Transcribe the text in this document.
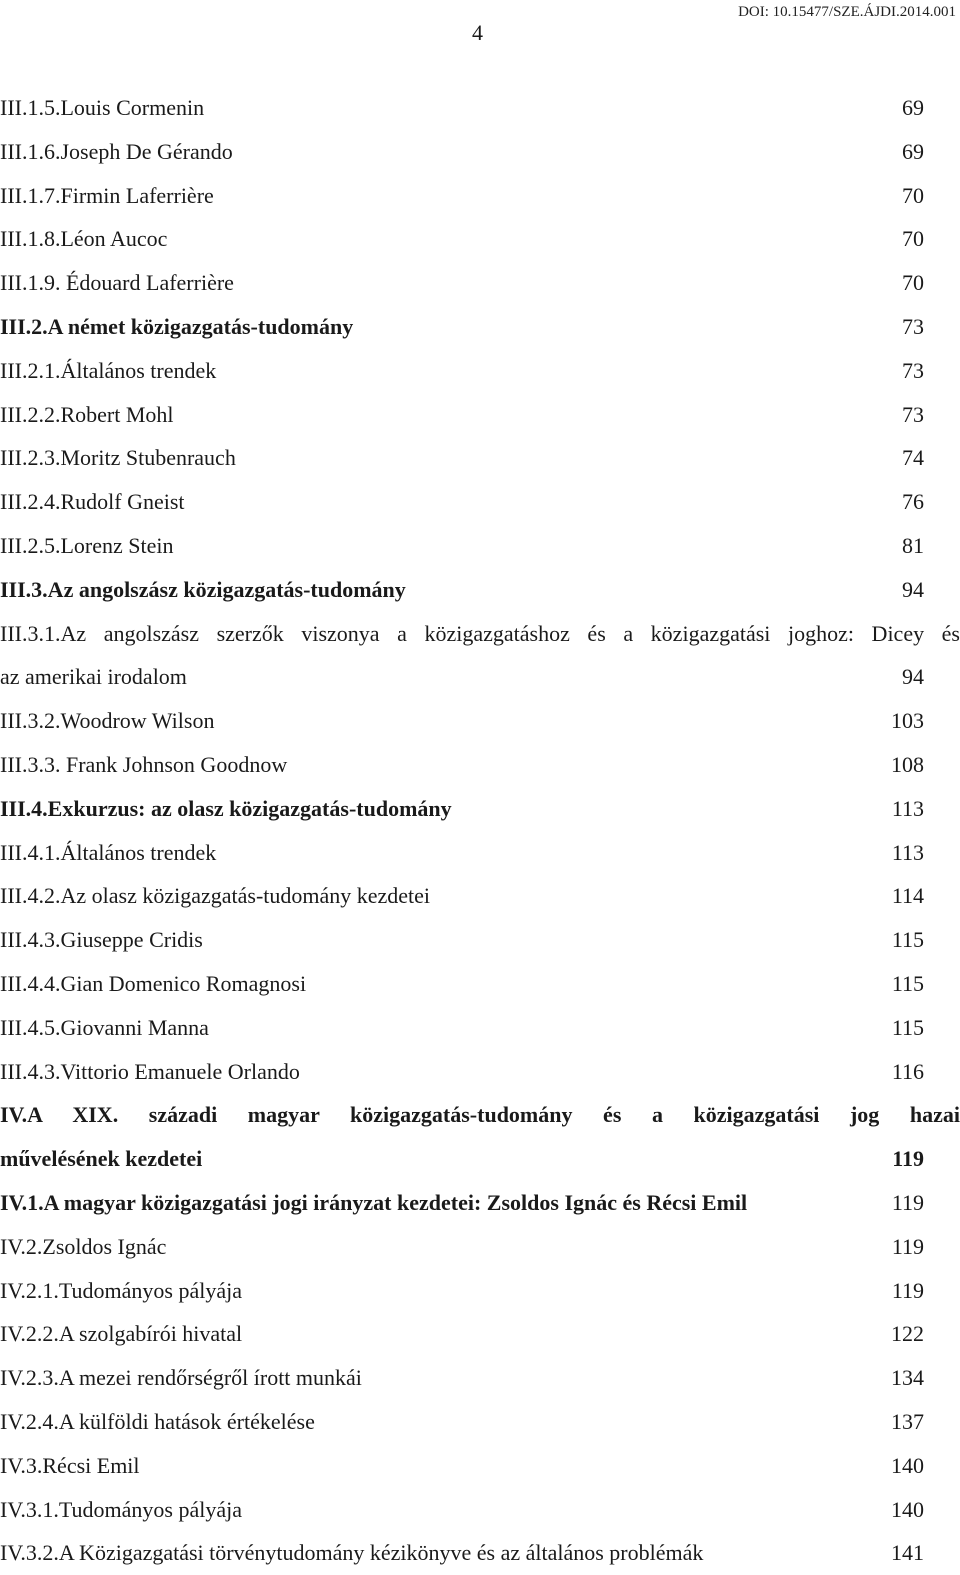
4
DOI: 10.15477/SZE.ÁJDI.2014.001
III.1.5.Louis Cormenin	69
III.1.6.Joseph De Gérando	69
III.1.7.Firmin Laferrière	70
III.1.8.Léon Aucoc	70
III.1.9. Édouard Laferrière	70
III.2.A német közigazgatás-tudomány	73
III.2.1.Általános trendek	73
III.2.2.Robert Mohl	73
III.2.3.Moritz Stubenrauch	74
III.2.4.Rudolf Gneist	76
III.2.5.Lorenz Stein	81
III.3.Az angolszász közigazgatás-tudomány	94
III.3.1.Az angolszász szerzők viszonya a közigazgatáshoz és a közigazgatási joghoz: Dicey és
az amerikai irodalom	94
III.3.2.Woodrow Wilson	103
III.3.3. Frank Johnson Goodnow	108
III.4.Exkurzus: az olasz közigazgatás-tudomány	113
III.4.1.Általános trendek	113
III.4.2.Az olasz közigazgatás-tudomány kezdetei	114
III.4.3.Giuseppe Cridis	115
III.4.4.Gian Domenico Romagnosi	115
III.4.5.Giovanni Manna	115
III.4.3.Vittorio Emanuele Orlando	116
IV.A XIX. századi magyar közigazgatás-tudomány és a közigazgatási jog hazai
művelésének kezdetei	119
IV.1.A magyar közigazgatási jogi irányzat kezdetei: Zsoldos Ignác és Récsi Emil	119
IV.2.Zsoldos Ignác	119
IV.2.1.Tudományos pályája	119
IV.2.2.A szolgabírói hivatal	122
IV.2.3.A mezei rendőrségről írott munkái	134
IV.2.4.A külföldi hatások értékelése	137
IV.3.Récsi Emil	140
IV.3.1.Tudományos pályája	140
IV.3.2.A Közigazgatási törvénytudomány kézikönyve és az általános problémák	141
